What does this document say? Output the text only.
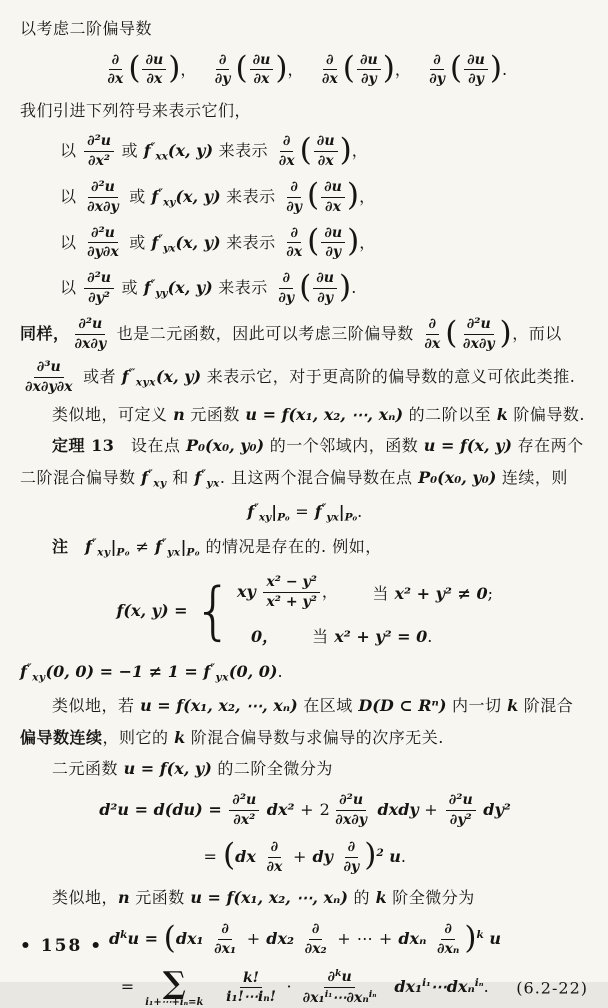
以考虑二阶偏导数
$\frac{\partial}{\partial x}$ ( $\frac{\partial u}{\partial x}$ )， $\frac{\partial}{\partial y}$ ( $\frac{\partial u}{\partial x}$ )， $\frac{\partial}{\partial x}$ ( $\frac{\partial u}{\partial y}$ )， $\frac{\partial}{\partial y}$ ( $\frac{\partial u}{\partial y}$ ).
我们引进下列符号来表示它们，
以 $\frac{\text{∂²u}}{\text{∂x²}}$ 或 $f''_{xx}(x$, y) 来表示 $\frac{\partial}{\partial x}$ ( $\frac{\partial u}{\partial x}$ )，
以 $\frac{\text{∂²u}}{\partial x\partial y}$ 或 $f''_{xy}(x$, y) 来表示 $\frac{\partial}{\partial y}$ ( $\frac{\partial u}{\partial x}$ )，
以 $\frac{\text{∂²u}}{\partial y\partial x}$ 或 $f''_{yx}(x$, y) 来表示 $\frac{\partial}{\partial x}$ ( $\frac{\partial u}{\partial y}$ )，
以 $\frac{\text{∂²u}}{\text{∂y²}}$ 或 $f''_{yy}(x$, y) 来表示 $\frac{\partial}{\partial y}$ ( $\frac{\partial u}{\partial y}$ ).
同样， $\frac{\text{∂²u}}{\partial x\partial y}$ 也是二元函数，因此可以考虑三阶偏导数 $\frac{\partial}{\partial x}$ ( $\frac{\text{∂²u}}{\partial x\partial y}$ )，而以
$\frac{\text{∂³u}}{\partial x\partial y\partial x}$ 或者 $f^‴_{xyx}(x$, y) 来表示它，对于更高阶的偏导数的意义可依此类推.
类似地，可定义 n 元函数 u = f(x₁, x₂, ⋯, xₙ) 的二阶以至 k 阶偏导数.
定理 13　设在点 P₀(x₀, y₀) 的一个邻域内，函数 u = f(x, y) 存在两个
二阶混合偏导数 $f''_{xy}$ 和 $f''_{yx}$. 且这两个混合偏导数在点 P₀(x₀, y₀) 连续，则
$f''_{xy}|_{P_0} = f''_{yx}|_{P_0}$.
注　 $f''_{xy}|_{P_0} \ne f''_{yx}|_{P_0}$ 的情况是存在的. 例如，
f(x, y) = { xy $\frac{\text{x² − y²}}{\text{x² + y²}}$ ， 当 x² + y² ≠ 0;
0， 当 x² + y² = 0.
$f''_{xy}(0$, $0) = -1 \ne 1 = f''_{yx}(0$, 0).
类似地，若 u = f(x₁, x₂, ⋯, xₙ) 在区域 D(D ⊂ Rⁿ) 内一切 k 阶混合
偏导数连续，则它的 k 阶混合偏导数与求偏导的次序无关.
二元函数 u = f(x, y) 的二阶全微分为
$d^2u = d(du) = \frac{\text{∂²u}}{\text{∂x²}} dx^2 + 2 \frac{\text{∂²u}}{\partial x\partial y}$ dxdy + $\frac{\text{∂²u}}{\text{∂y²}} dy^2$
= ($dx \frac{\partial}{\partial x}$ + dy $\frac{\partial}{\partial y} )^2$ u.
类似地，n 元函数 u = f(x₁, x₂, ⋯, xₙ) 的 k 阶全微分为
$d^ku = (dx_1 \frac{\partial}{\text{∂x₁}} + dx_2 \frac{\partial}{\text{∂x₂}}$ + ⋯ + dxₙ $\frac{\partial}{\text{∂xₙ}} )^k$ u
= ∑
i₁+⋯+iₙ=k $\frac{k!}{\text{i₁!⋯iₙ!}} \cdot \frac{\partial^ku}{\partial x_1^{i_1}\cdots\partial x_n^{i_n}}$ dx₁$^{i_1}$⋯dxₙ$^{i_n}$. (6.2-22)
• 158 •
